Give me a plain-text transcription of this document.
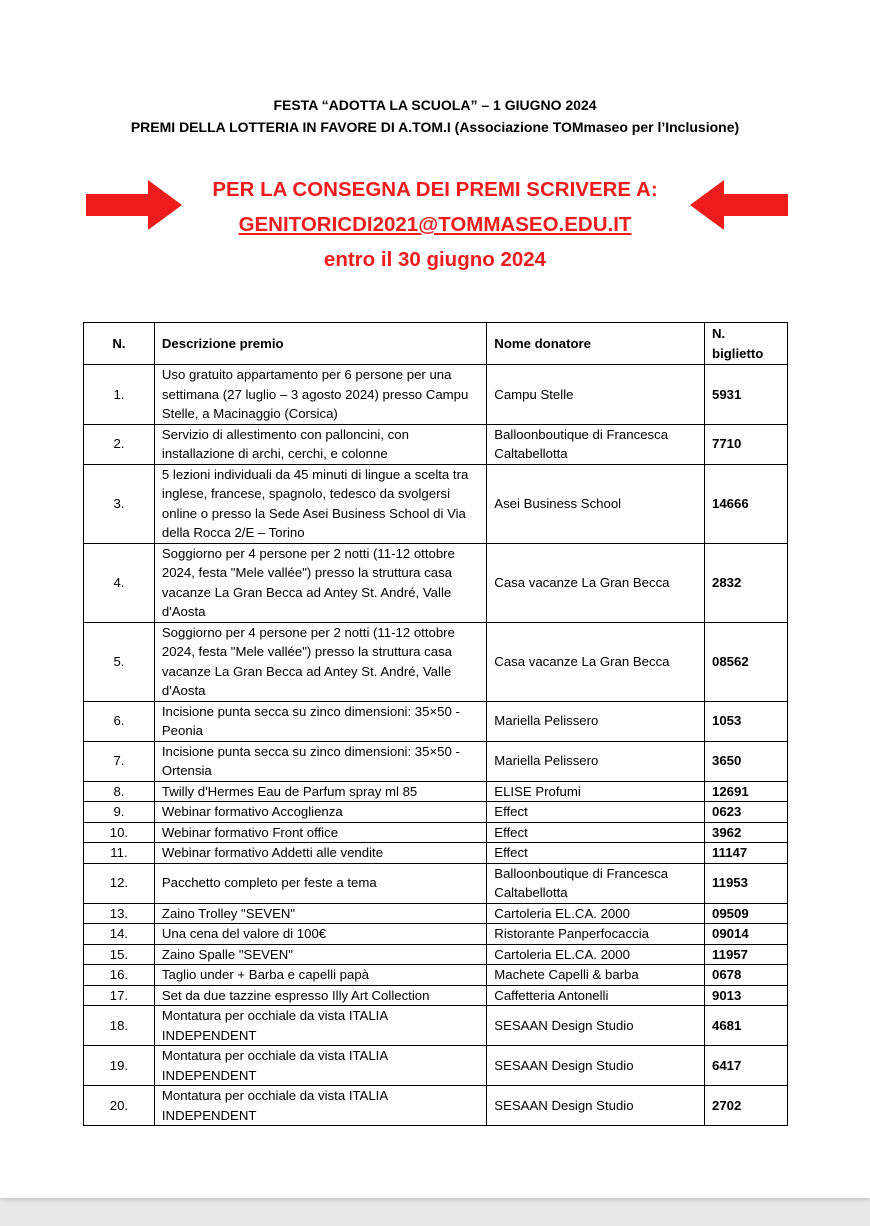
FESTA “ADOTTA LA SCUOLA” – 1 GIUGNO 2024
PREMI DELLA LOTTERIA IN FAVORE DI A.TOM.I (Associazione TOMmaseo per l’Inclusione)
PER LA CONSEGNA DEI PREMI SCRIVERE A:
GENITORICDI2021@TOMMASEO.EDU.IT
entro il 30 giugno 2024
N.	Descrizione premio	Nome donatore	N. biglietto
1.	Uso gratuito appartamento per 6 persone per una settimana (27 luglio – 3 agosto 2024) presso Campu Stelle, a Macinaggio (Corsica)	Campu Stelle	5931
2.	Servizio di allestimento con palloncini, con installazione di archi, cerchi, e colonne	Balloonboutique di Francesca Caltabellotta	7710
3.	5 lezioni individuali da 45 minuti di lingue a scelta tra inglese, francese, spagnolo, tedesco da svolgersi online o presso la Sede Asei Business School di Via della Rocca 2/E – Torino	Asei Business School	14666
4.	Soggiorno per 4 persone per 2 notti (11-12 ottobre 2024, festa "Mele vallée") presso la struttura casa vacanze La Gran Becca ad Antey St. André, Valle d'Aosta	Casa vacanze La Gran Becca	2832
5.	Soggiorno per 4 persone per 2 notti (11-12 ottobre 2024, festa "Mele vallée") presso la struttura casa vacanze La Gran Becca ad Antey St. André, Valle d'Aosta	Casa vacanze La Gran Becca	08562
6.	Incisione punta secca su zinco dimensioni: 35×50 - Peonia	Mariella Pelissero	1053
7.	Incisione punta secca su zinco dimensioni: 35×50 - Ortensia	Mariella Pelissero	3650
8.	Twilly d'Hermes Eau de Parfum spray ml 85	ELISE Profumi	12691
9.	Webinar formativo Accoglienza	Effect	0623
10.	Webinar formativo Front office	Effect	3962
11.	Webinar formativo Addetti alle vendite	Effect	11147
12.	Pacchetto completo per feste a tema	Balloonboutique di Francesca Caltabellotta	11953
13.	Zaino Trolley "SEVEN"	Cartoleria EL.CA. 2000	09509
14.	Una cena del valore di 100€	Ristorante Panperfocaccia	09014
15.	Zaino Spalle "SEVEN"	Cartoleria EL.CA. 2000	11957
16.	Taglio under + Barba e capelli papà	Machete Capelli & barba	0678
17.	Set da due tazzine espresso Illy Art Collection	Caffetteria Antonelli	9013
18.	Montatura per occhiale da vista ITALIA INDEPENDENT	SESAAN Design Studio	4681
19.	Montatura per occhiale da vista ITALIA INDEPENDENT	SESAAN Design Studio	6417
20.	Montatura per occhiale da vista ITALIA INDEPENDENT	SESAAN Design Studio	2702
